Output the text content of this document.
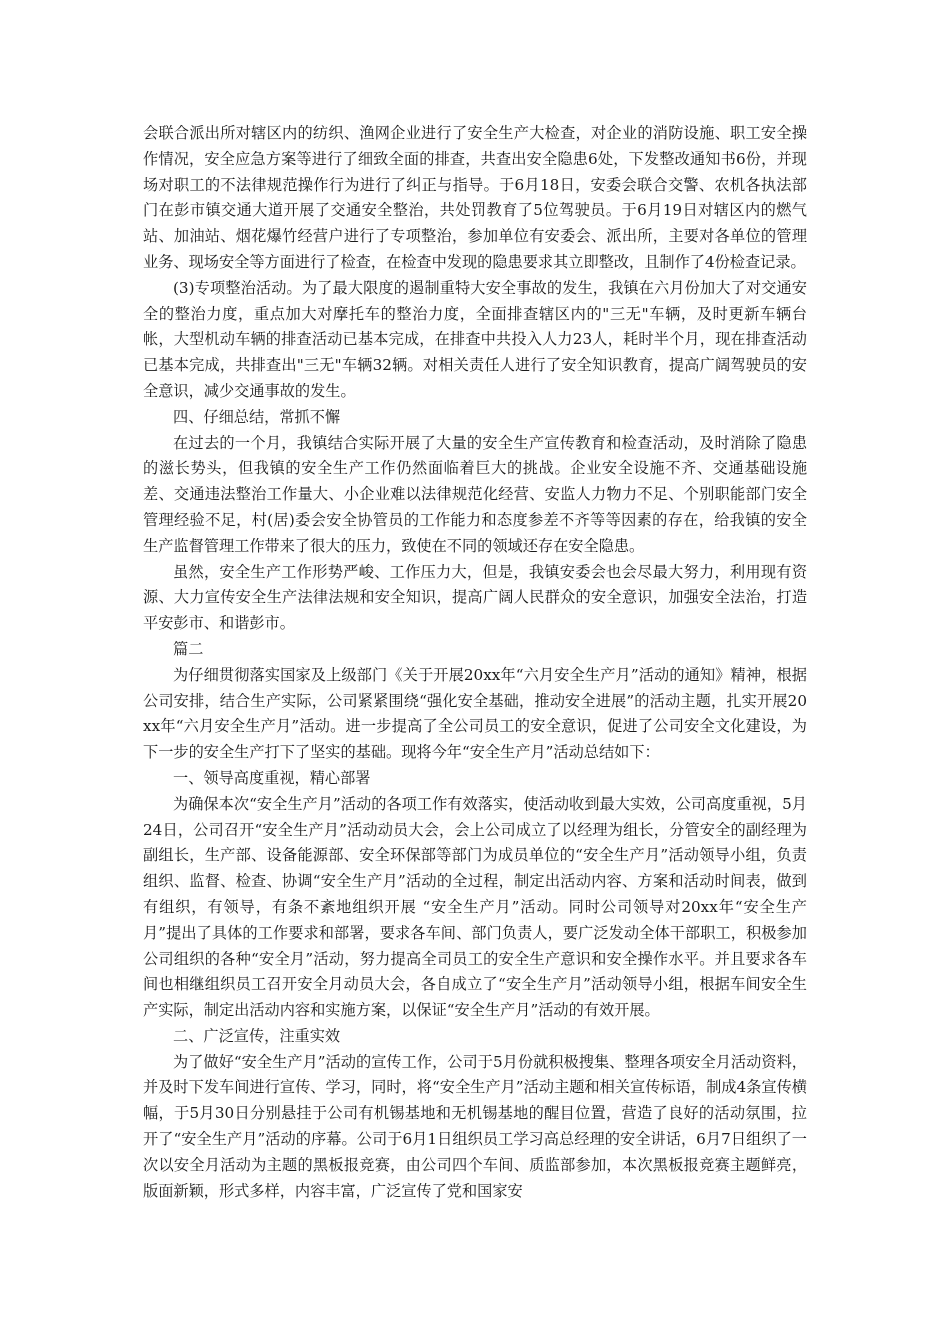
会联合派出所对辖区内的纺织、渔网企业进行了安全生产大检查，对企业的消防设施、职工安全操作情况，安全应急方案等进行了细致全面的排查，共查出安全隐患6处，下发整改通知书6份，并现场对职工的不法律规范操作行为进行了纠正与指导。于6月18日，安委会联合交警、农机各执法部门在彭市镇交通大道开展了交通安全整治，共处罚教育了5位驾驶员。于6月19日对辖区内的燃气站、加油站、烟花爆竹经营户进行了专项整治，参加单位有安委会、派出所，主要对各单位的管理业务、现场安全等方面进行了检查，在检查中发现的隐患要求其立即整改，且制作了4份检查记录。

(3)专项整治活动。为了最大限度的遏制重特大安全事故的发生，我镇在六月份加大了对交通安全的整治力度，重点加大对摩托车的整治力度，全面排查辖区内的"三无"车辆，及时更新车辆台帐，大型机动车辆的排查活动已基本完成，在排查中共投入人力23人，耗时半个月，现在排查活动已基本完成，共排查出"三无"车辆32辆。对相关责任人进行了安全知识教育，提高广阔驾驶员的安全意识，减少交通事故的发生。

四、仔细总结，常抓不懈

在过去的一个月，我镇结合实际开展了大量的安全生产宣传教育和检查活动，及时消除了隐患的滋长势头，但我镇的安全生产工作仍然面临着巨大的挑战。企业安全设施不齐、交通基础设施差、交通违法整治工作量大、小企业难以法律规范化经营、安监人力物力不足、个别职能部门安全管理经验不足，村(居)委会安全协管员的工作能力和态度参差不齐等等因素的存在，给我镇的安全生产监督管理工作带来了很大的压力，致使在不同的领域还存在安全隐患。

虽然，安全生产工作形势严峻、工作压力大，但是，我镇安委会也会尽最大努力，利用现有资源、大力宣传安全生产法律法规和安全知识，提高广阔人民群众的安全意识，加强安全法治，打造平安彭市、和谐彭市。

篇二

为仔细贯彻落实国家及上级部门《关于开展20xx年“六月安全生产月”活动的通知》精神，根据公司安排，结合生产实际，公司紧紧围绕“强化安全基础，推动安全进展”的活动主题，扎实开展20xx年“六月安全生产月”活动。进一步提高了全公司员工的安全意识，促进了公司安全文化建设，为下一步的安全生产打下了坚实的基础。现将今年“安全生产月”活动总结如下：

一、领导高度重视，精心部署

为确保本次“安全生产月”活动的各项工作有效落实，使活动收到最大实效，公司高度重视，5月24日，公司召开“安全生产月”活动动员大会，会上公司成立了以经理为组长，分管安全的副经理为副组长，生产部、设备能源部、安全环保部等部门为成员单位的“安全生产月”活动领导小组，负责组织、监督、检查、协调“安全生产月”活动的全过程，制定出活动内容、方案和活动时间表，做到有组织，有领导，有条不紊地组织开展 “安全生产月”活动。同时公司领导对20xx年“安全生产月”提出了具体的工作要求和部署，要求各车间、部门负责人，要广泛发动全体干部职工，积极参加公司组织的各种“安全月”活动，努力提高全司员工的安全生产意识和安全操作水平。并且要求各车间也相继组织员工召开安全月动员大会，各自成立了“安全生产月”活动领导小组，根据车间安全生产实际，制定出活动内容和实施方案，以保证“安全生产月”活动的有效开展。

二、广泛宣传，注重实效

为了做好“安全生产月”活动的宣传工作，公司于5月份就积极搜集、整理各项安全月活动资料，并及时下发车间进行宣传、学习，同时，将“安全生产月”活动主题和相关宣传标语，制成4条宣传横幅，于5月30日分别悬挂于公司有机锡基地和无机锡基地的醒目位置，营造了良好的活动氛围，拉开了“安全生产月”活动的序幕。公司于6月1日组织员工学习高总经理的安全讲话，6月7日组织了一次以安全月活动为主题的黑板报竞赛，由公司四个车间、质监部参加，本次黑板报竞赛主题鲜亮，版面新颖，形式多样，内容丰富，广泛宣传了党和国家安
